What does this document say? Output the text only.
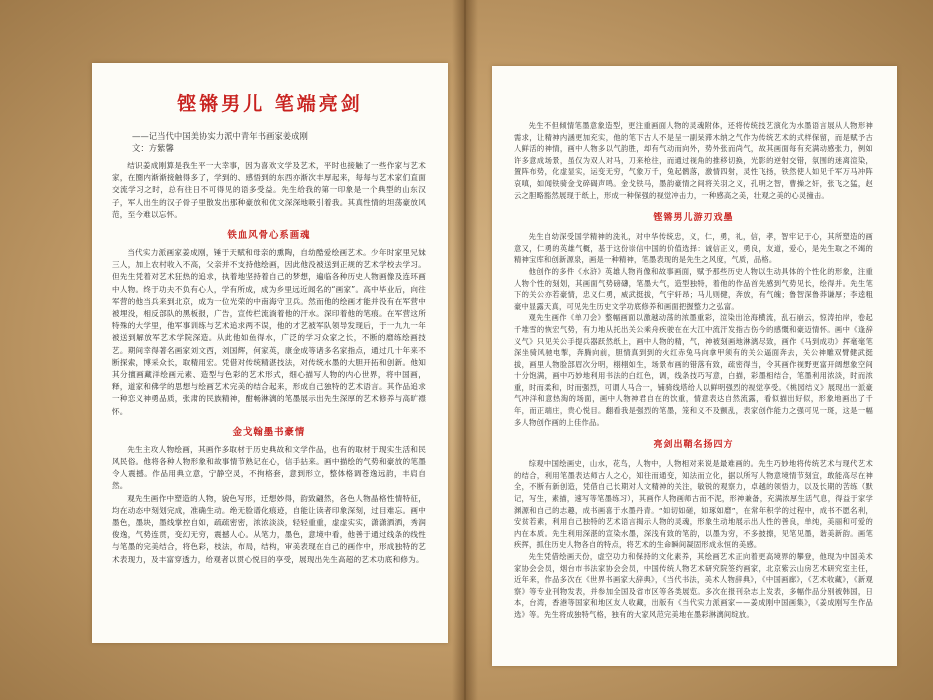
铿锵男儿 笔端亮剑
——记当代中国美协实力派中青年书画家姜成刚
文：方紫馨

结识姜成刚算是我生平一大幸事，因为喜欢文学及艺术，平时也接触了一些作家与艺术家，在圈内渐渐接触得多了，学到的、感悟到的东西亦渐次丰厚起来，每每与艺术家们直面交流学习之时，总有往日不可得见的语多受益。先生给我的第一印象是一个典型的山东汉子，军人出生的汉子骨子里散发出那种豪放和优文深深地吸引着我。其真性情的坦荡豪放风范，至今难以忘怀。

铁血风骨心系画魂

当代实力派画家姜成刚，锤于天赋和母亲的熏陶，自幼酷爱绘画艺术。少年时家里兄妹三人，加上农村收入不高，父亲并不支持他绘画，因此他没被送到正规的艺术学校去学习。但先生凭着对艺术狂热的追求，执着地坚持着自己的梦想，遍临各种历史人物画像及连环画中人物。终于功夫不负有心人，学有所成，成为乡里远近闻名的“画家”。高中毕业后，向往军营的他当兵来到北京，成为一位光荣的中南海守卫兵。然而他的绘画才能并没有在军营中被埋没，相反部队的黑板报，广告，宣传栏流淌着他的汗水。深印着他的笔痕。在军营这所特殊的大学里，他军事训练与艺术追求两不误，他的才艺被军队领导发现后，于一九九一年被送到解放军艺术学院深造。从此他如鱼得水，广泛的学习众家之长，不断的磨练绘画技艺。期间幸得著名画家刘文西，刘国辉，何家英，康金成等诸多名家指点，通过几十年来不断探索，博采众长，取精用宏。凭借对传统精湛技法，对传统水墨的大胆开拓和创新。他知其分擅画藏洋绘画元素、造型与色彩的艺术形式，细心描写人物的内心世界，将中国画，释，道家和佛学的思想与绘画艺术完美的结合起来，形成自己独特的艺术语言。其作品追求一种恋义神勇品质，张肃的民族精神，酣畅淋漓的笔墨展示出先生深厚的艺术修养与高旷襟怀。

金戈翰墨书豪情

先生主攻人物绘画，其画作多取材于历史典故和文学作品，也有的取材于现实生活和民风民俗。他将各种人物形象和故事情节熟记在心，信手拈来。画中描绘的气势和豪放的笔墨令人震撼。作品用典立意，宁静空灵，不拘格套，意到形立，整体格调苍逸远韵，丰肩自然。

观先生画作中塑造的人物，貌色写形，迁想妙得，韵致翩然，各色人物晶格性情特征，均在动态中刻划完成，准确生动。绝无脸谱化痕迹，自能让读者印象深刻，过目难忘。画中墨色，墨块，墨线掌控自如，疏疏密密，浓浓淡淡，轻轻重重，虚虚实实，潇潇洒洒，秀润俊逸，气势连贯，变幻无穷，震撼人心。从笔力，墨色，意境中看，他善于通过线条的线性与笔墨的完美结合，将色彩，枝法，布局，结构，审美表现在自己的画作中，形成独特的艺术表现力，及丰富穿透力，给观者以贯心悦目的享受，展现出先生高超的艺术功底和修为。

先生不但倾情笔墨意象造型，更注重画面人物的灵魂附体，还将传统技艺演化为水墨语言展从人物形神需求，让精神内涵更加充实，他的笔下古人不是呈一副呆滞木纳之气作为传统艺术的式样保留，而是赋予古人鲜活的神情，画中人物多以气韵胜，却有气动而向外，势外张而尚气，故其画面每有充满动感张力，例如许多意成场景，虽仅为双人对马，刀来枪往，而通过视角的推移切换，光影的逆射交错，氛围的迷离渲染，置阵布势，化虚显实，运变无穷，气象万千，兔起鹘落，激情四射，灵性飞扬，铁然使人如见千军万马冲阵哀嗔，如闻铁骑金戈碎碣声鸣。金戈铁马，墨韵豪情之间将关羽之义，孔明之智，曹操之奸，张飞之猛，赵云之胆略豁然展现于纸上，形成一种保强的视觉冲击力，一种感高之美，壮观之美的心灵撞击。

铿锵男儿游刃戏墨

先生自幼深受国学精神的洗礼，对中华传统忠，义，仁，勇，礼，信，孝，智牢记于心，其所塑造的画意又，仁勇的英雄气概，基于这份崇信中国的价值选择：诚信正义，勇良，友道，爱心，是先生取之不竭的精神宝库和创新源泉，画是一种精神，笔墨表现的是先生之风度，气质，品格。

他创作的多件《水浒》英雄人物肖像和故事画面，赋予那些历史人物以生动具体的个性化的形象，注重人物个性的刻划，其画面气势磅礴，笔墨大气，造型独特，着他的作品首先感到气势见长，绘得并。先生笔下的关公亦若豪情，忠义仁勇，威武挺拔，气宇轩昂；马儿则健，奔放，有气魄；鲁智深鲁莽谦厚；李逵粗豪中显露天真，可见先生历史文学功底修养和画面把握整力之弘富。

观先生画作《单刀会》整幅画面以激越动荡的浓墨重彩，渲染出沧海横流，乱石崩云，惊涛拍岸，卷起千堆雪的恢宏气势，有力地从托出关公乘舟疾驶在在大江中流汗发指古伤今的感慨和豪迈情怀。画中《逢辞义气》只见关公手提兵器跃然纸上，画中人物的精，气，神被刻画地淋漓尽致，画作《马到成功》挥毫毫笔深坐骑风驰电掣，奔腾向前，胆情真到到的火红赤兔马向拿甲须有的关公逼面奔去，关公神雕双臂健武挺拔，画里人物脸部眉次分明，栩栩如生，场景布画的错落有致，疏密得当，令其画作视野更富开阔想象空间十分饱满，画中巧妙地利用书法的白红色，调，线条技巧写意，白描，彩墨相结合，笔墨利用浓淡，时而浓重，时而柔和，时而强烈，可谓人马合一，铺骑线塔给人以鲜明强烈的视觉享受。《桃园结义》展现出一派豪气冲洋和意热淘的场面，画中人物神君自在的饮重，情意表达自然流露，看似描出好似，形象地画出了千年，而正端庄，贵心悦目。翻看我是强烈的笔墨，笼和义不及颤乱，表家创作能力之强可见一斑，这是一幅多人物创作画的上佳作品。

亮剑出鞘名扬四方

综观中国绘画史，山水，花鸟，人物中，人物相对来说是最难画的。先生巧妙地将传统艺术与现代艺术的结合，利用笔墨表达师古人之心，知往而通变，知法而立化，据以所写人物意境情节刻宜，敢能高尽在神全，不断有新创造，凭借自己长期对人文精神的关注，敏锐的观察力，卓越的领悟力，以及长期的苦练（默记，写生，素描，速写等笔墨练习），其画作人物画师古而不泥，形神兼备，充满浓厚生活气息，得益于家学渊源和自己的志趣，成书画喜于水墨丹青。“如切如磋，如琢如磨”，在常年积学的过程中，成书不愿名利，安贫若素，利用自己独特的艺术语言揭示人物的灵魂，形象生动地展示出人性的善良，单纯，美丽和可爱的内在本质。先生利用深湛的宣染水墨，深浅有致的笔韵，以墨为穷，不多披擦，见笔见墨，谐美新韵。画笔疾挥，抓住历史人物各自的特点，将艺术的生命瞬间凝固形成永恒的美感。

先生凭借绘画天份，虚空功力和保持的文化素养，其绘画艺术正向着更高境界的攀登，他现为中国美术家协会会员，烟台市书法家协会会员，中国传统人物艺术研究院签约画家，北京紫云山房艺术研究室主任，近年来，作品多次在《世界书画家大辞典》，《当代书法，美术人物辞典》，《中国画廊》，《艺术收藏》，《新观察》等专业刊物发表，并参加全国及省市区等各类展览。多次在报刊杂志上发表，多幅作品分别被韩国，日本，台湾，香港等国家和地区友人收藏，出版有《当代实力派画家——姜成刚中国画集》，《姜成刚写生作品选》等。先生将成独特气格，独有的大家风范完美地在墨彩淋漓间绽放。
